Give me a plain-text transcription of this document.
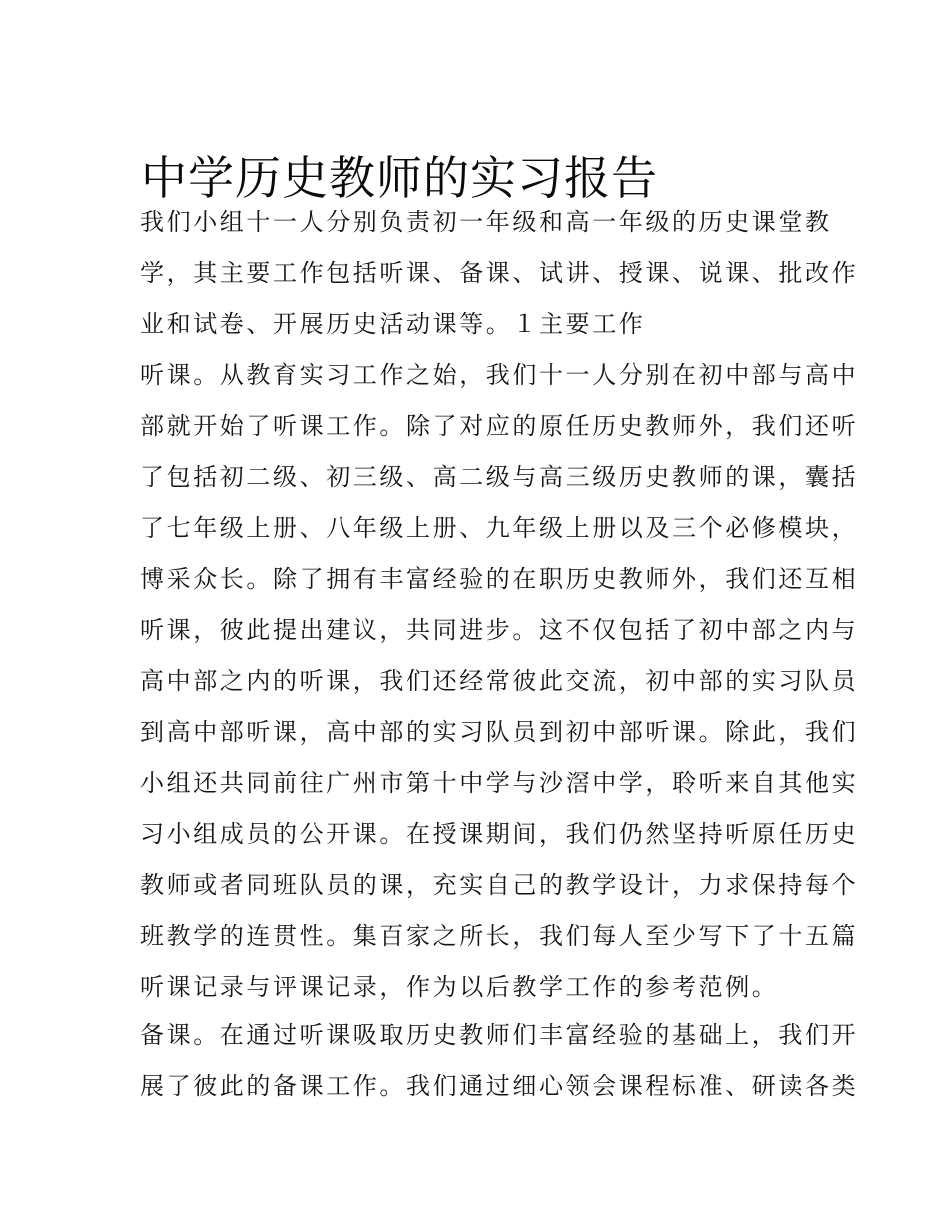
中学历史教师的实习报告
我们小组十一人分别负责初一年级和高一年级的历史课堂教
学，其主要工作包括听课、备课、试讲、授课、说课、批改作
业和试卷、开展历史活动课等。１主要工作
听课。从教育实习工作之始，我们十一人分别在初中部与高中
部就开始了听课工作。除了对应的原任历史教师外，我们还听
了包括初二级、初三级、高二级与高三级历史教师的课，囊括
了七年级上册、八年级上册、九年级上册以及三个必修模块，
博采众长。除了拥有丰富经验的在职历史教师外，我们还互相
听课，彼此提出建议，共同进步。这不仅包括了初中部之内与
高中部之内的听课，我们还经常彼此交流，初中部的实习队员
到高中部听课，高中部的实习队员到初中部听课。除此，我们
小组还共同前往广州市第十中学与沙滘中学，聆听来自其他实
习小组成员的公开课。在授课期间，我们仍然坚持听原任历史
教师或者同班队员的课，充实自己的教学设计，力求保持每个
班教学的连贯性。集百家之所长，我们每人至少写下了十五篇
听课记录与评课记录，作为以后教学工作的参考范例。
备课。在通过听课吸取历史教师们丰富经验的基础上，我们开
展了彼此的备课工作。我们通过细心领会课程标准、研读各类
